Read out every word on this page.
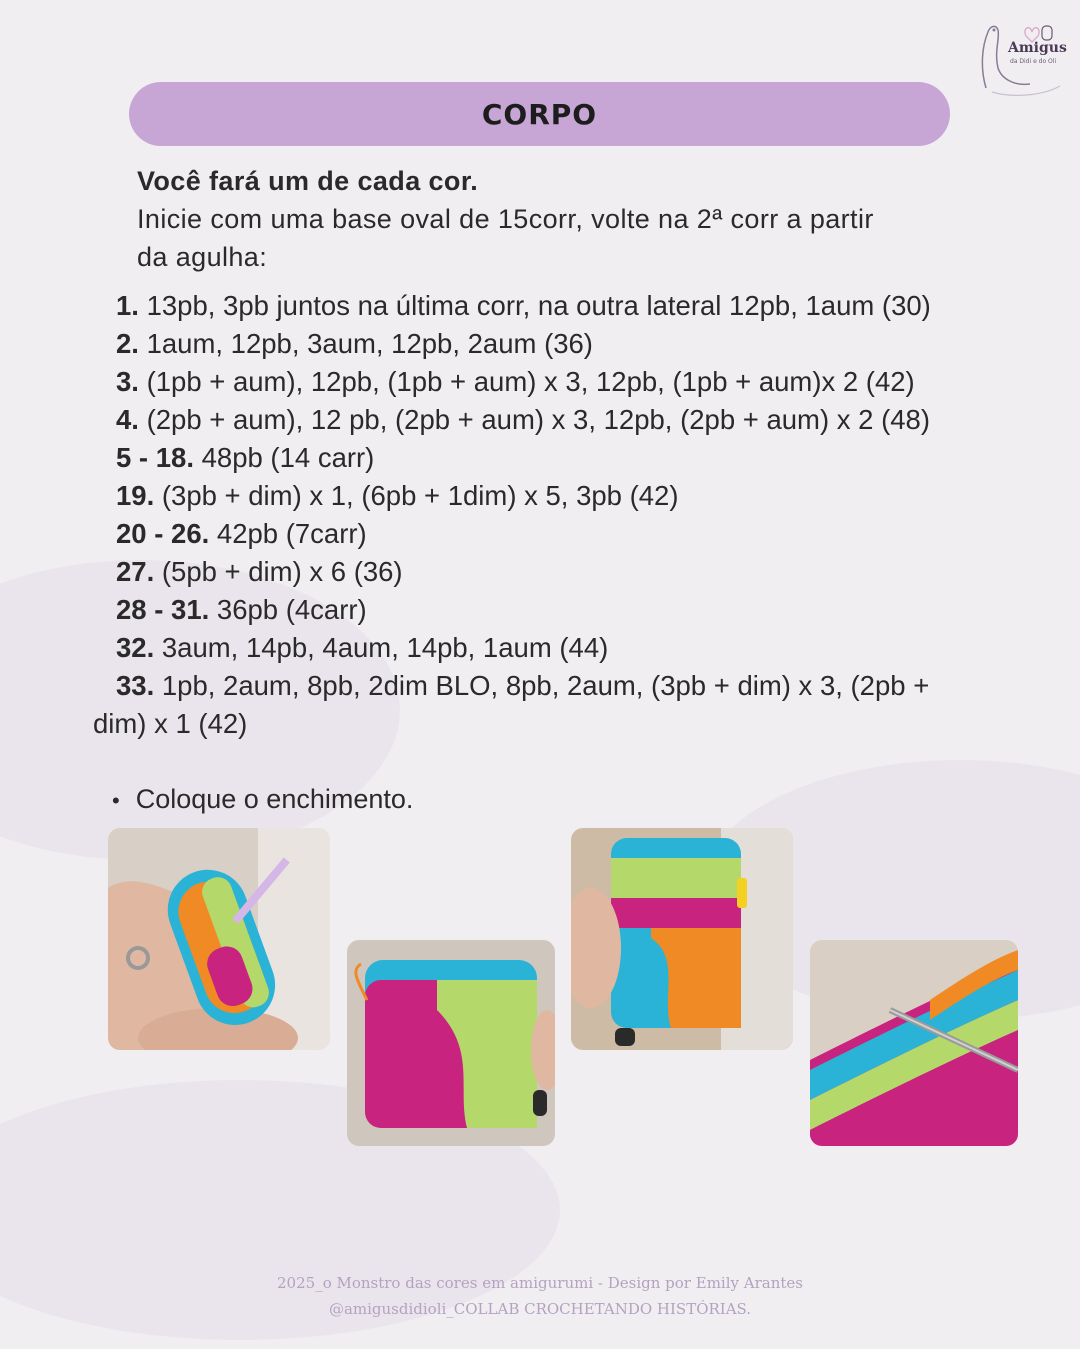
Amigus
da Didi e do Oli
CORPO
Você fará um de cada cor.
Inicie com uma base oval de 15corr, volte na 2ª corr a partir
da agulha:
1. 13pb, 3pb juntos na última corr, na outra lateral 12pb, 1aum (30)
2. 1aum, 12pb, 3aum, 12pb, 2aum (36)
3. (1pb + aum), 12pb, (1pb + aum) x 3, 12pb, (1pb + aum)x 2 (42)
4. (2pb + aum), 12 pb, (2pb + aum) x 3, 12pb, (2pb + aum) x 2 (48)
5 - 18. 48pb (14 carr)
19. (3pb + dim) x 1, (6pb + 1dim) x 5, 3pb (42)
20 - 26. 42pb (7carr)
27. (5pb + dim) x 6 (36)
28 - 31. 36pb (4carr)
32. 3aum, 14pb, 4aum, 14pb, 1aum (44)
33. 1pb, 2aum, 8pb, 2dim BLO, 8pb, 2aum, (3pb + dim) x 3, (2pb +
dim) x 1 (42)
• Coloque o enchimento.
2025_o Monstro das cores em amigurumi - Design por Emily Arantes
@amigusdidioli_COLLAB CROCHETANDO HISTÓRIAS.
